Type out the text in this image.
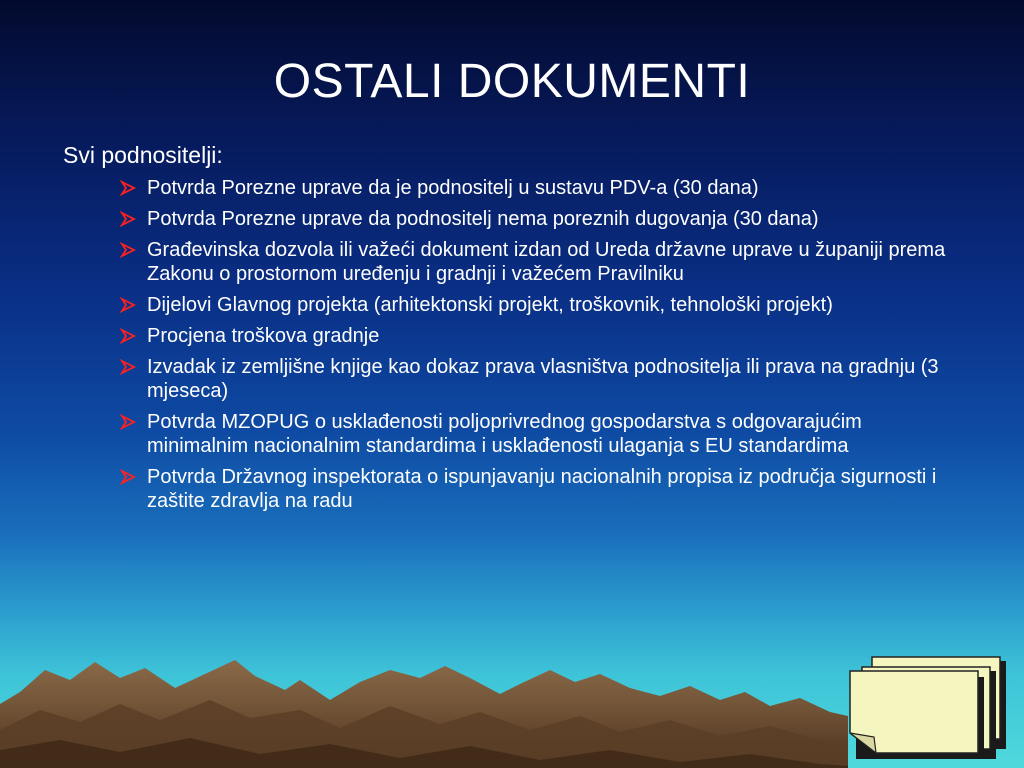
OSTALI DOKUMENTI
Svi podnositelji:
Potvrda Porezne uprave da je podnositelj u sustavu PDV-a (30 dana)
Potvrda Porezne uprave da podnositelj nema poreznih dugovanja (30 dana)
Građevinska dozvola ili važeći dokument izdan od Ureda državne uprave u županiji prema Zakonu o prostornom uređenju i gradnji i važećem Pravilniku
Dijelovi Glavnog projekta (arhitektonski projekt, troškovnik, tehnološki projekt)
Procjena troškova gradnje
Izvadak iz zemljišne knjige kao dokaz prava vlasništva podnositelja ili prava na gradnju (3 mjeseca)
Potvrda MZOPUG o usklađenosti poljoprivrednog gospodarstva s odgovarajućim minimalnim nacionalnim standardima i usklađenosti ulaganja s EU standardima
Potvrda Državnog inspektorata o ispunjavanju nacionalnih propisa iz područja sigurnosti i zaštite zdravlja na radu
